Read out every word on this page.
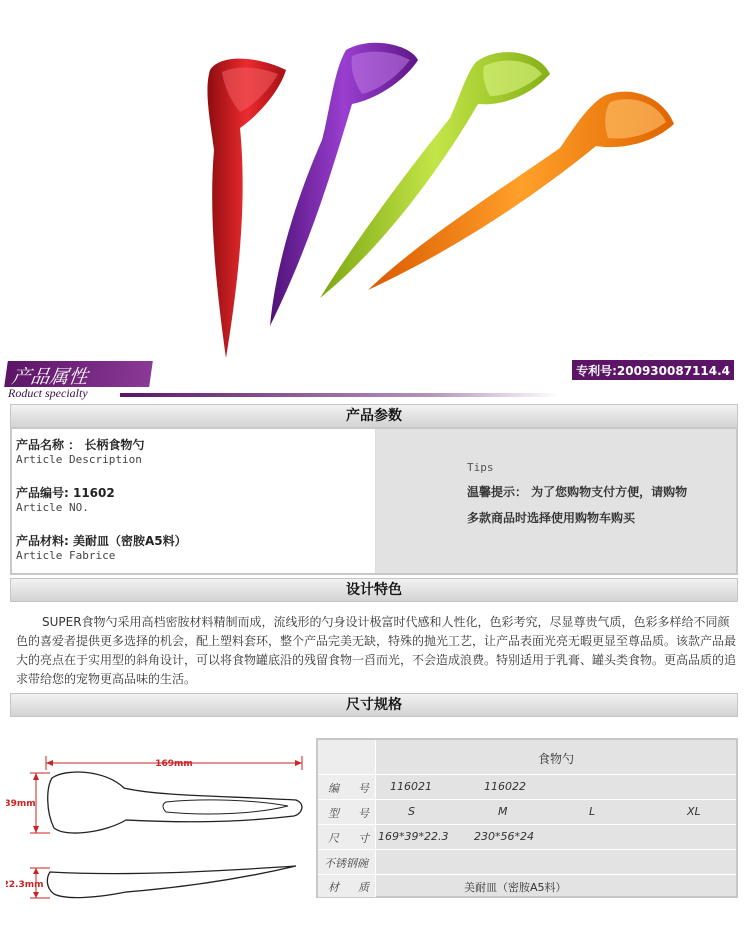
产品属性
Roduct specialty
专利号:200930087114.4
产品参数
产品名称 ： 长柄食物勺
Article Description
产品编号: 11602
Article NO.
产品材料: 美耐皿（密胺A5料）
Article Fabrice
Tips
温馨提示： 为了您购物支付方便，请购物多款商品时选择使用购物车购买
设计特色
SUPER食物勺采用高档密胺材料精制而成，流线形的勺身设计极富时代感和人性化，色彩考究，尽显尊贵气质，色彩多样给不同颜色的喜爱者提供更多选择的机会，配上塑料套环，整个产品完美无缺，特殊的抛光工艺，让产品表面光亮无暇更显至尊品质。该款产品最大的亮点在于实用型的斜角设计，可以将食物罐底沿的残留食物一舀而光，不会造成浪费。特别适用于乳膏、罐头类食物。更高品质的追求带给您的宠物更高品味的生活。
尺寸规格
169mm
39mm
22.3mm
食物勺
编 号 116021	116022
型 号	S	M	L	XL
尺 寸 169*39*22.3 230*56*24
不锈钢碗
材 质	美耐皿（密胺A5料）
